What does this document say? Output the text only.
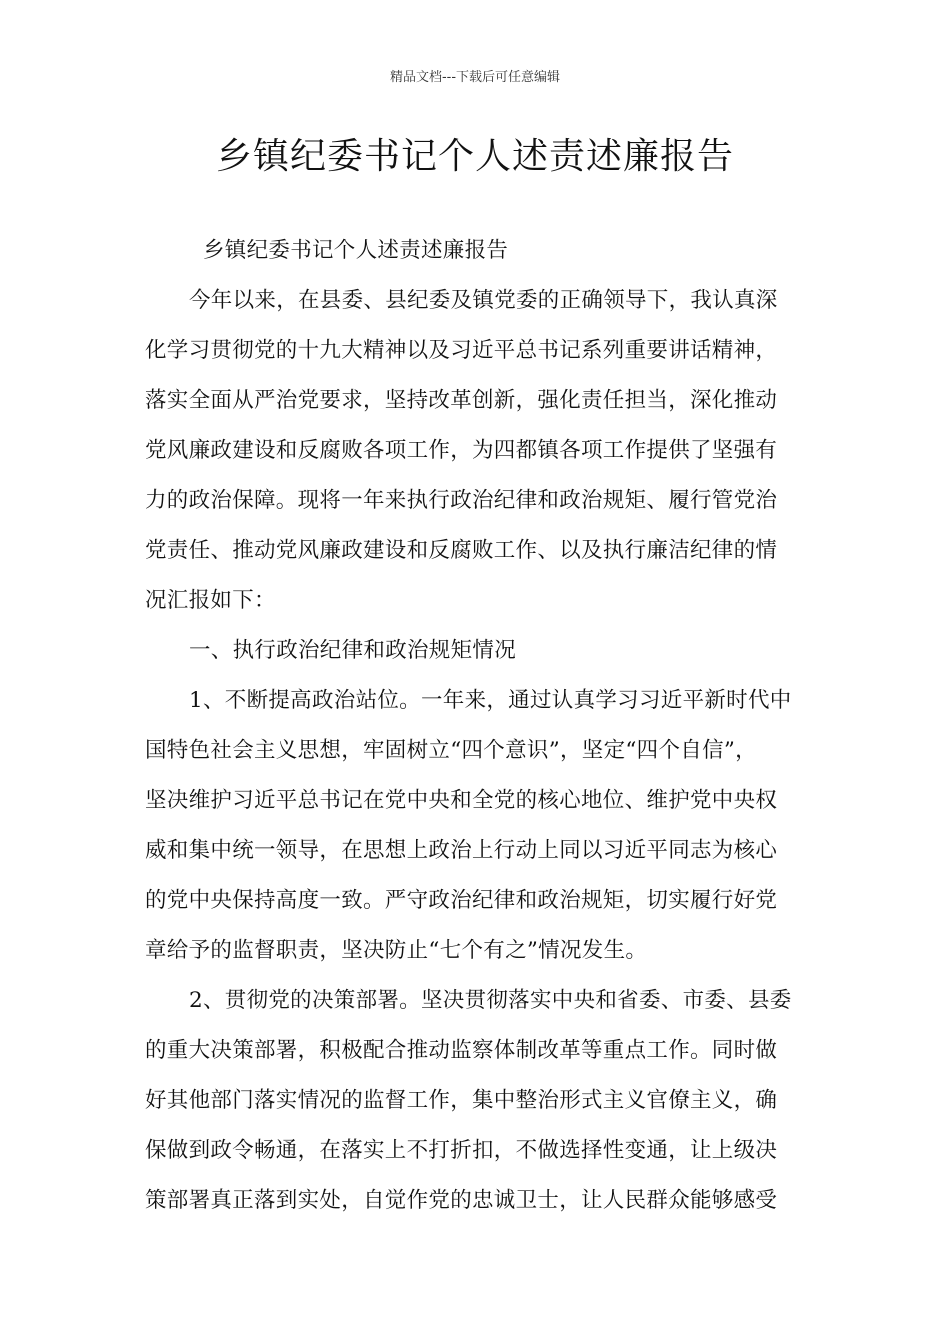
精品文档---下载后可任意编辑
乡镇纪委书记个人述责述廉报告
乡镇纪委书记个人述责述廉报告
今年以来，在县委、县纪委及镇党委的正确领导下，我认真深
化学习贯彻党的十九大精神以及习近平总书记系列重要讲话精神，
落实全面从严治党要求，坚持改革创新，强化责任担当，深化推动
党风廉政建设和反腐败各项工作，为四都镇各项工作提供了坚强有
力的政治保障。现将一年来执行政治纪律和政治规矩、履行管党治
党责任、推动党风廉政建设和反腐败工作、以及执行廉洁纪律的情
况汇报如下：
一、执行政治纪律和政治规矩情况
1、不断提高政治站位。一年来，通过认真学习习近平新时代中
国特色社会主义思想，牢固树立“四个意识”，坚定“四个自信”，
坚决维护习近平总书记在党中央和全党的核心地位、维护党中央权
威和集中统一领导，在思想上政治上行动上同以习近平同志为核心
的党中央保持高度一致。严守政治纪律和政治规矩，切实履行好党
章给予的监督职责，坚决防止“七个有之”情况发生。
2、贯彻党的决策部署。坚决贯彻落实中央和省委、市委、县委
的重大决策部署，积极配合推动监察体制改革等重点工作。同时做
好其他部门落实情况的监督工作，集中整治形式主义官僚主义，确
保做到政令畅通，在落实上不打折扣，不做选择性变通，让上级决
策部署真正落到实处，自觉作党的忠诚卫士，让人民群众能够感受
